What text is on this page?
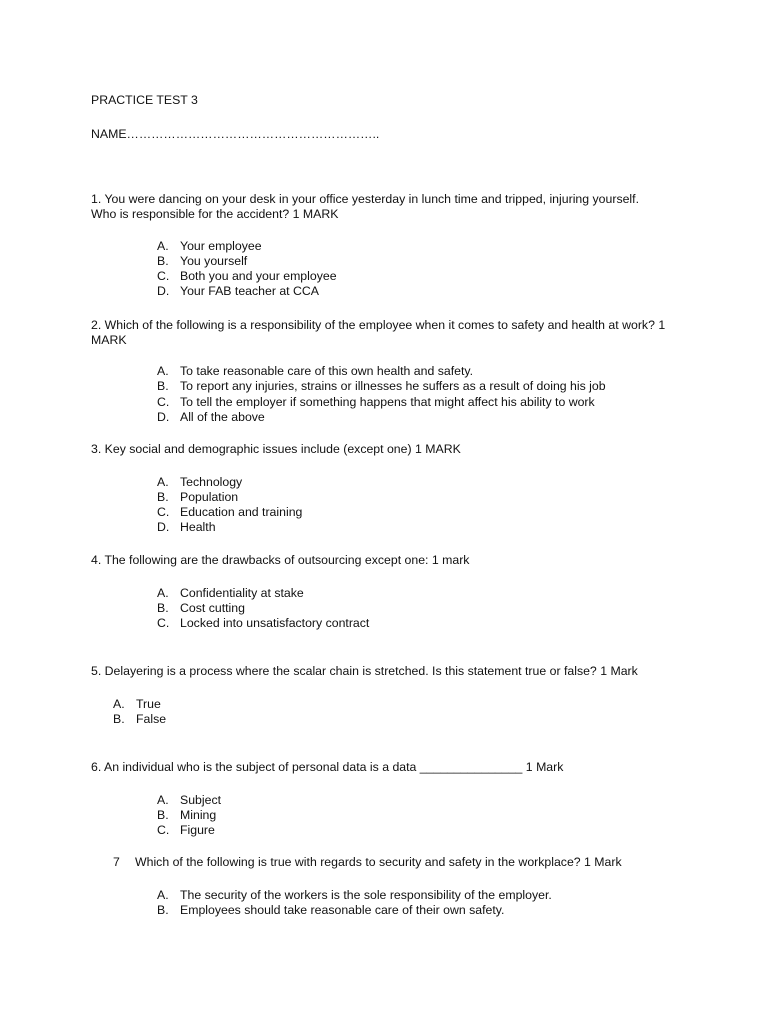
PRACTICE TEST 3
NAME……………………………………………………..
1. You were dancing on your desk in your office yesterday in lunch time and tripped, injuring yourself.
Who is responsible for the accident? 1 MARK
A. Your employee
B. You yourself
C. Both you and your employee
D. Your FAB teacher at CCA
2. Which of the following is a responsibility of the employee when it comes to safety and health at work? 1
MARK
A. To take reasonable care of this own health and safety.
B. To report any injuries, strains or illnesses he suffers as a result of doing his job
C. To tell the employer if something happens that might affect his ability to work
D. All of the above
3. Key social and demographic issues include (except one) 1 MARK
A. Technology
B. Population
C. Education and training
D. Health
4. The following are the drawbacks of outsourcing except one: 1 mark
A. Confidentiality at stake
B. Cost cutting
C. Locked into unsatisfactory contract
5. Delayering is a process where the scalar chain is stretched. Is this statement true or false? 1 Mark
A. True
B. False
6. An individual who is the subject of personal data is a data _______________ 1 Mark
A. Subject
B. Mining
C. Figure
7 Which of the following is true with regards to security and safety in the workplace? 1 Mark
A. The security of the workers is the sole responsibility of the employer.
B. Employees should take reasonable care of their own safety.
